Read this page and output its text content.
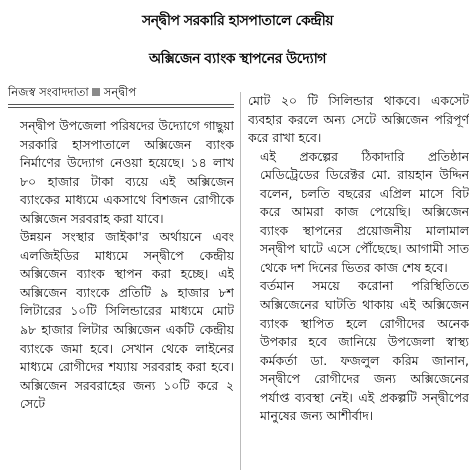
সন্দ্বীপ সরকারি হাসপাতালে কেন্দ্রীয়
অক্সিজেন ব্যাংক স্থাপনের উদ্যোগ
নিজস্ব সংবাদদাতা সন্দ্বীপ

সন্দ্বীপ উপজেলা পরিষদের উদ্যোগে গাছুয়া সরকারি হাসপাতালে অক্সিজেন ব্যাংক নির্মাণের উদ্যোগ নেওয়া হয়েছে। ১৪ লাখ ৮০ হাজার টাকা ব্যয়ে এই অক্সিজেন ব্যাংকের মাধ্যমে একসাথে বিশজন রোগীকে অক্সিজেন সরবরাহ করা যাবে।

উন্নয়ন সংস্থার জাইকা'র অর্থায়নে এবং এলজিইডির মাধ্যমে সন্দ্বীপে কেন্দ্রীয় অক্সিজেন ব্যাংক স্থাপন করা হচ্ছে। এই অক্সিজেন ব্যাংকে প্রতিটি ৯ হাজার ৮শ লিটারের ১০টি সিলিন্ডারের মাধ্যমে মোট ৯৮ হাজার লিটার অক্সিজেন একটি কেন্দ্রীয় ব্যাংকে জমা হবে। সেখান থেকে লাইনের মাধ্যমে রোগীদের শয্যায় সরবরাহ করা হবে। অক্সিজেন সরবরাহের জন্য ১০টি করে ২ সেটে

মোট ২০ টি সিলিন্ডার থাকবে। একসেট ব্যবহার করলে অন্য সেটে অক্সিজেন পরিপূর্ণ করে রাখা হবে।

এই প্রকল্পের ঠিকাদারি প্রতিষ্ঠান মেডিট্রেডের ডিরেক্টর মো. রায়হান উদ্দিন বলেন, চলতি বছরের এপ্রিল মাসে বিট করে আমরা কাজ পেয়েছি। অক্সিজেন ব্যাংক স্থাপনের প্রয়োজনীয় মালামাল সন্দ্বীপ ঘাটে এসে পৌঁছেছে। আগামী সাত থেকে দশ দিনের ভিতর কাজ শেষ হবে।

বর্তমান সময়ে করোনা পরিস্থিতিতে অক্সিজেনের ঘাটতি থাকায় এই অক্সিজেন ব্যাংক স্থাপিত হলে রোগীদের অনেক উপকার হবে জানিয়ে উপজেলা স্বাস্থ্য কর্মকর্তা ডা. ফজলুল করিম জানান, সন্দ্বীপে রোগীদের জন্য অক্সিজেনের পর্যাপ্ত ব্যবস্থা নেই। এই প্রকল্পটি সন্দ্বীপের মানুষের জন্য আশীর্বাদ।
